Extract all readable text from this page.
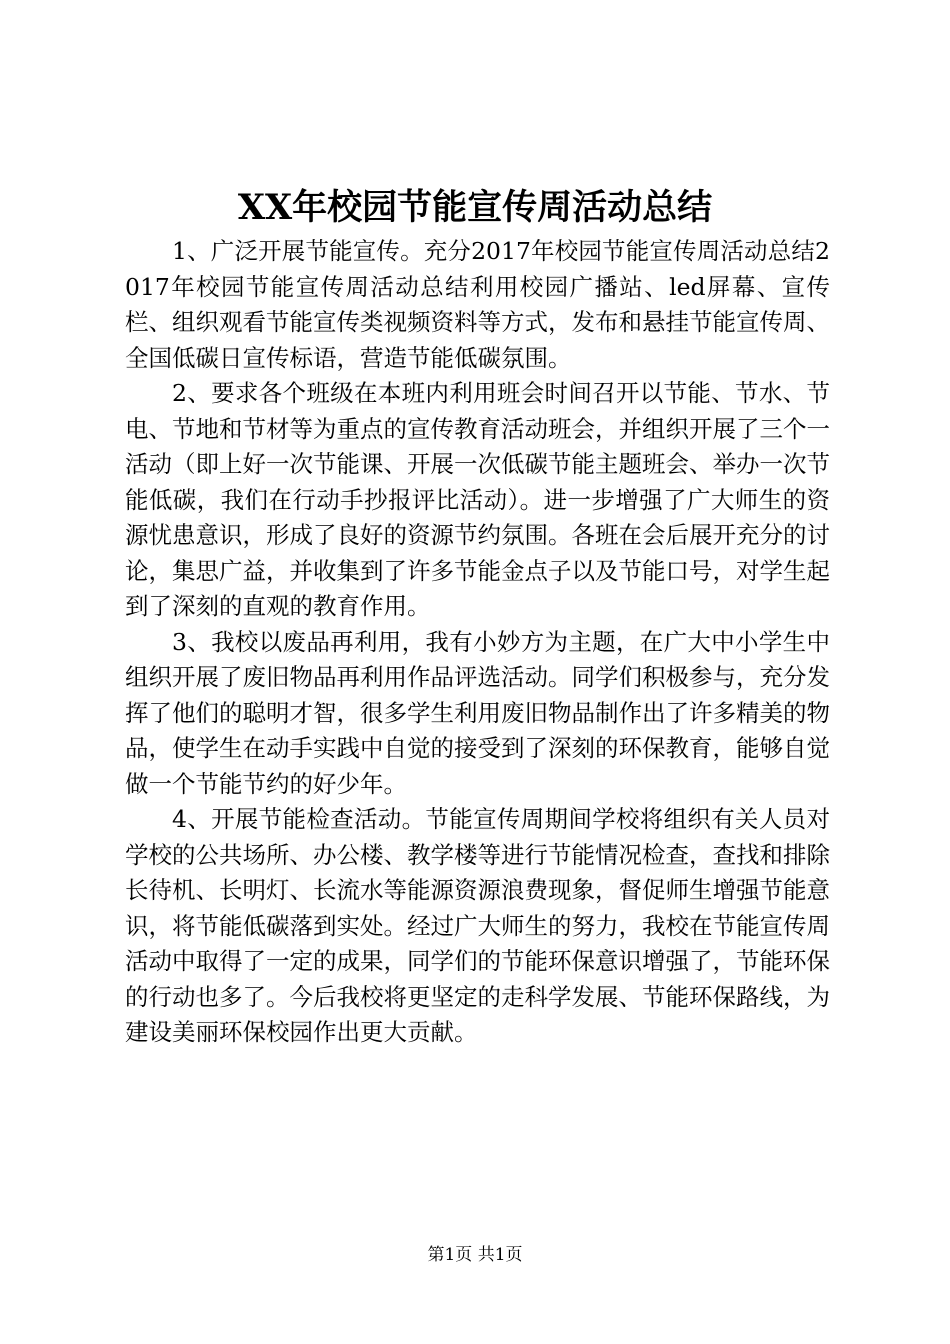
XX年校园节能宣传周活动总结

1、广泛开展节能宣传。充分2017年校园节能宣传周活动总结2017年校园节能宣传周活动总结利用校园广播站、led屏幕、宣传栏、组织观看节能宣传类视频资料等方式，发布和悬挂节能宣传周、全国低碳日宣传标语，营造节能低碳氛围。

2、要求各个班级在本班内利用班会时间召开以节能、节水、节电、节地和节材等为重点的宣传教育活动班会，并组织开展了三个一活动（即上好一次节能课、开展一次低碳节能主题班会、举办一次节能低碳，我们在行动手抄报评比活动）。进一步增强了广大师生的资源忧患意识，形成了良好的资源节约氛围。各班在会后展开充分的讨论，集思广益，并收集到了许多节能金点子以及节能口号，对学生起到了深刻的直观的教育作用。

3、我校以废品再利用，我有小妙方为主题，在广大中小学生中组织开展了废旧物品再利用作品评选活动。同学们积极参与，充分发挥了他们的聪明才智，很多学生利用废旧物品制作出了许多精美的物品，使学生在动手实践中自觉的接受到了深刻的环保教育，能够自觉做一个节能节约的好少年。

4、开展节能检查活动。节能宣传周期间学校将组织有关人员对学校的公共场所、办公楼、教学楼等进行节能情况检查，查找和排除长待机、长明灯、长流水等能源资源浪费现象，督促师生增强节能意识，将节能低碳落到实处。经过广大师生的努力，我校在节能宣传周活动中取得了一定的成果，同学们的节能环保意识增强了，节能环保的行动也多了。今后我校将更坚定的走科学发展、节能环保路线，为建设美丽环保校园作出更大贡献。

第1页 共1页
